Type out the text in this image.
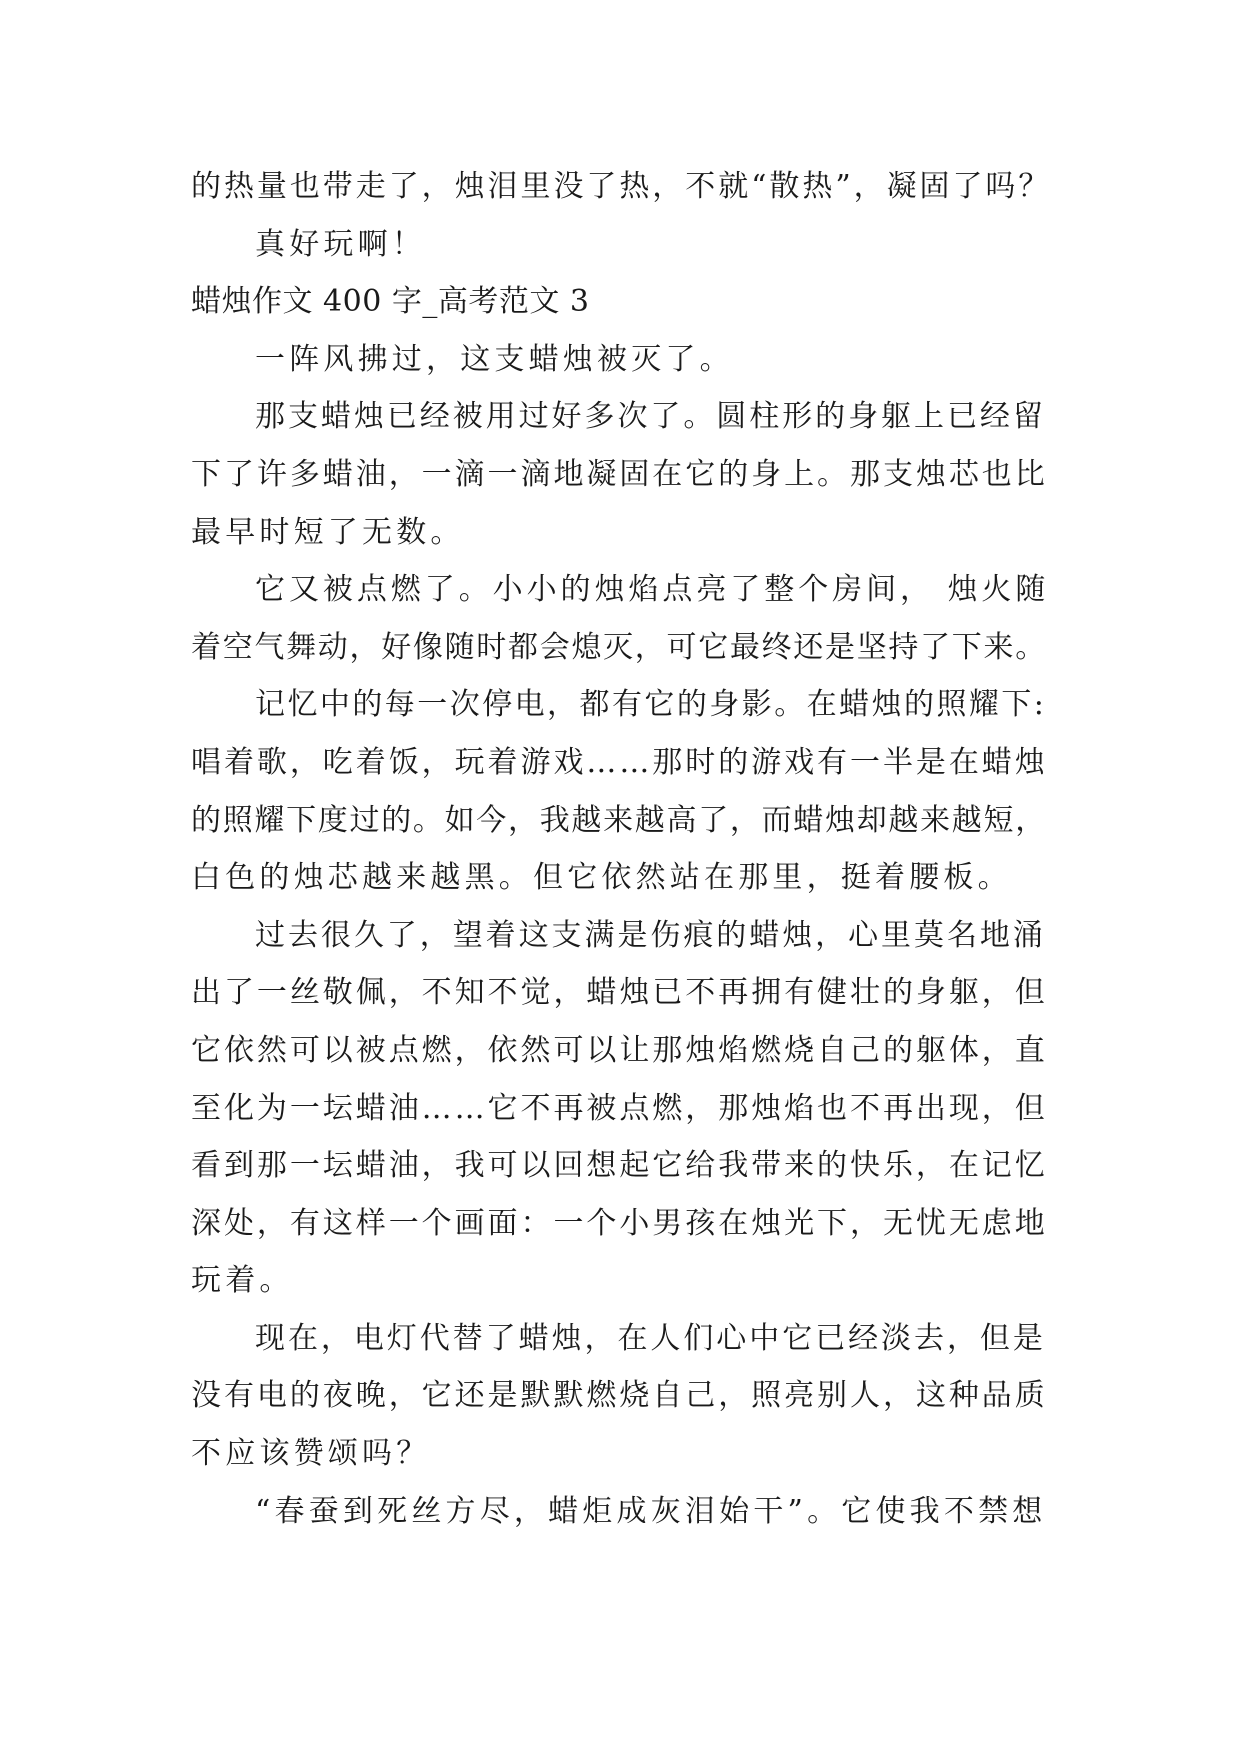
的热量也带走了，烛泪里没了热，不就“散热”，凝固了吗？
真好玩啊！
蜡烛作文 400 字_高考范文 3
一阵风拂过，这支蜡烛被灭了。
那支蜡烛已经被用过好多次了。圆柱形的身躯上已经留
下了许多蜡油，一滴一滴地凝固在它的身上。那支烛芯也比
最早时短了无数。
它又被点燃了。小小的烛焰点亮了整个房间， 烛火随
着空气舞动，好像随时都会熄灭，可它最终还是坚持了下来。
记忆中的每一次停电，都有它的身影。在蜡烛的照耀下:
唱着歌，吃着饭，玩着游戏……那时的游戏有一半是在蜡烛
的照耀下度过的。如今，我越来越高了，而蜡烛却越来越短，
白色的烛芯越来越黑。但它依然站在那里，挺着腰板。
过去很久了，望着这支满是伤痕的蜡烛，心里莫名地涌
出了一丝敬佩，不知不觉，蜡烛已不再拥有健壮的身躯，但
它依然可以被点燃，依然可以让那烛焰燃烧自己的躯体，直
至化为一坛蜡油……它不再被点燃，那烛焰也不再出现，但
看到那一坛蜡油，我可以回想起它给我带来的快乐，在记忆
深处，有这样一个画面：一个小男孩在烛光下，无忧无虑地
玩着。
现在，电灯代替了蜡烛，在人们心中它已经淡去，但是
没有电的夜晚，它还是默默燃烧自己，照亮别人，这种品质
不应该赞颂吗？
“春蚕到死丝方尽，蜡炬成灰泪始干”。它使我不禁想
